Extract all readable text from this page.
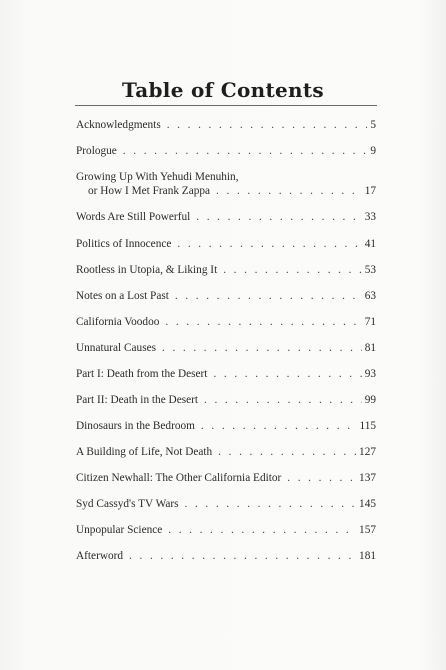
Table of Contents
Acknowledgments . . .	5
Prologue . . .	9
Growing Up With Yehudi Menuhin,
or How I Met Frank Zappa . . .	17
Words Are Still Powerful . . .	33
Politics of Innocence . . .	41
Rootless in Utopia, & Liking It . . .	53
Notes on a Lost Past . . .	63
California Voodoo . . .	71
Unnatural Causes . . .	81
Part I: Death from the Desert . . .	93
Part II: Death in the Desert . . .	99
Dinosaurs in the Bedroom . . .	115
A Building of Life, Not Death . . .	127
Citizen Newhall: The Other California Editor . . .	137
Syd Cassyd's TV Wars . . .	145
Unpopular Science . . .	157
Afterword . . .	181
